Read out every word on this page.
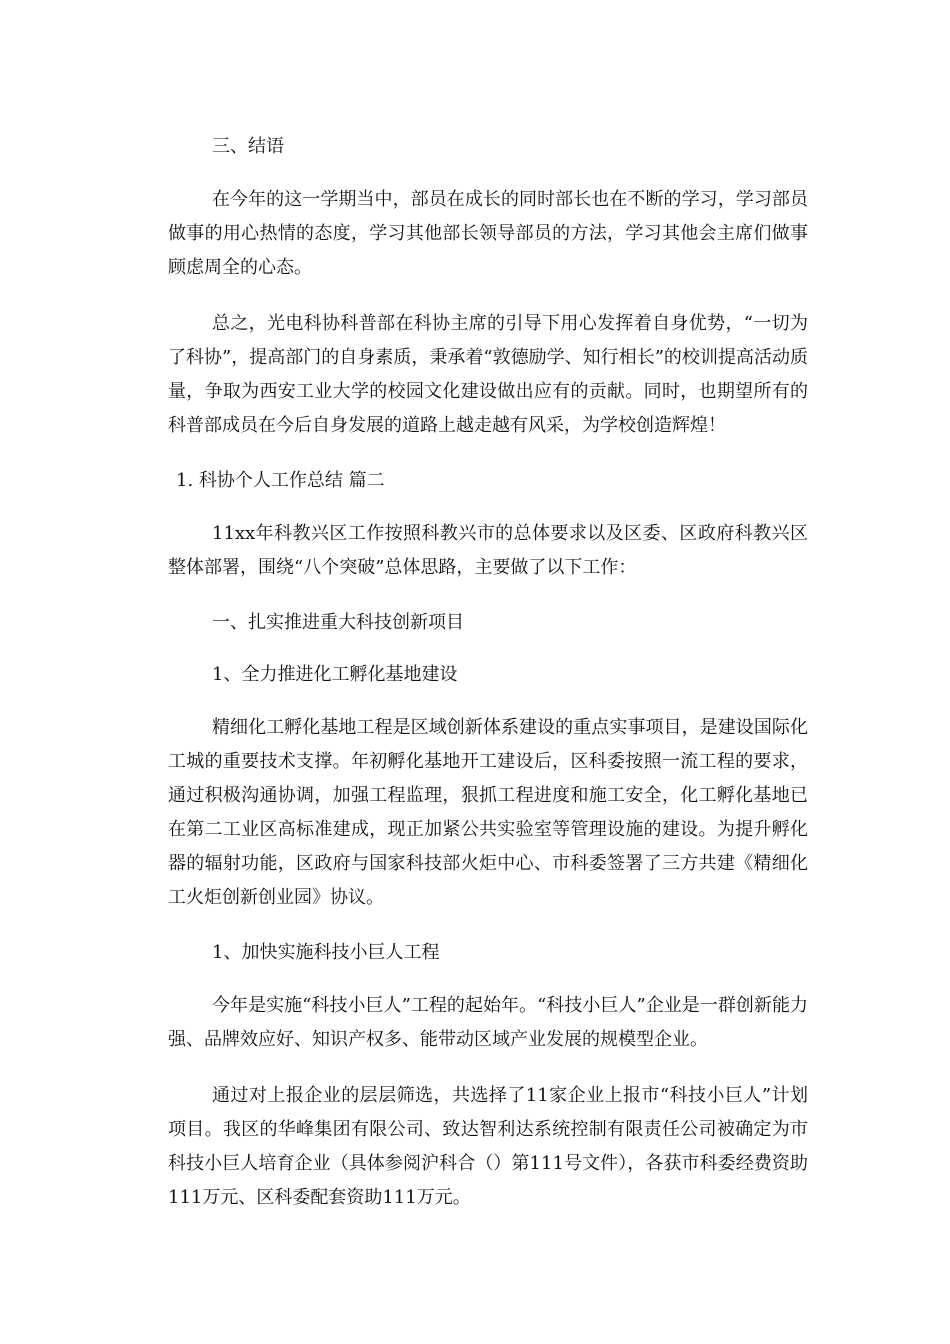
三、结语

在今年的这一学期当中，部员在成长的同时部长也在不断的学习，学习部员做事的用心热情的态度，学习其他部长领导部员的方法，学习其他会主席们做事顾虑周全的心态。

总之，光电科协科普部在科协主席的引导下用心发挥着自身优势，“一切为了科协”，提高部门的自身素质，秉承着“敦德励学、知行相长”的校训提高活动质量，争取为西安工业大学的校园文化建设做出应有的贡献。同时，也期望所有的科普部成员在今后自身发展的道路上越走越有风采，为学校创造辉煌！

1. 科协个人工作总结 篇二

11xx年科教兴区工作按照科教兴市的总体要求以及区委、区政府科教兴区整体部署，围绕“八个突破”总体思路，主要做了以下工作：

一、扎实推进重大科技创新项目

1、全力推进化工孵化基地建设

精细化工孵化基地工程是区域创新体系建设的重点实事项目，是建设国际化工城的重要技术支撑。年初孵化基地开工建设后，区科委按照一流工程的要求，通过积极沟通协调，加强工程监理，狠抓工程进度和施工安全，化工孵化基地已在第二工业区高标准建成，现正加紧公共实验室等管理设施的建设。为提升孵化器的辐射功能，区政府与国家科技部火炬中心、市科委签署了三方共建《精细化工火炬创新创业园》协议。

1、加快实施科技小巨人工程

今年是实施“科技小巨人”工程的起始年。“科技小巨人”企业是一群创新能力强、品牌效应好、知识产权多、能带动区域产业发展的规模型企业。

通过对上报企业的层层筛选，共选择了11家企业上报市“科技小巨人”计划项目。我区的华峰集团有限公司、致达智利达系统控制有限责任公司被确定为市科技小巨人培育企业（具体参阅沪科合（）第111号文件），各获市科委经费资助111万元、区科委配套资助111万元。
